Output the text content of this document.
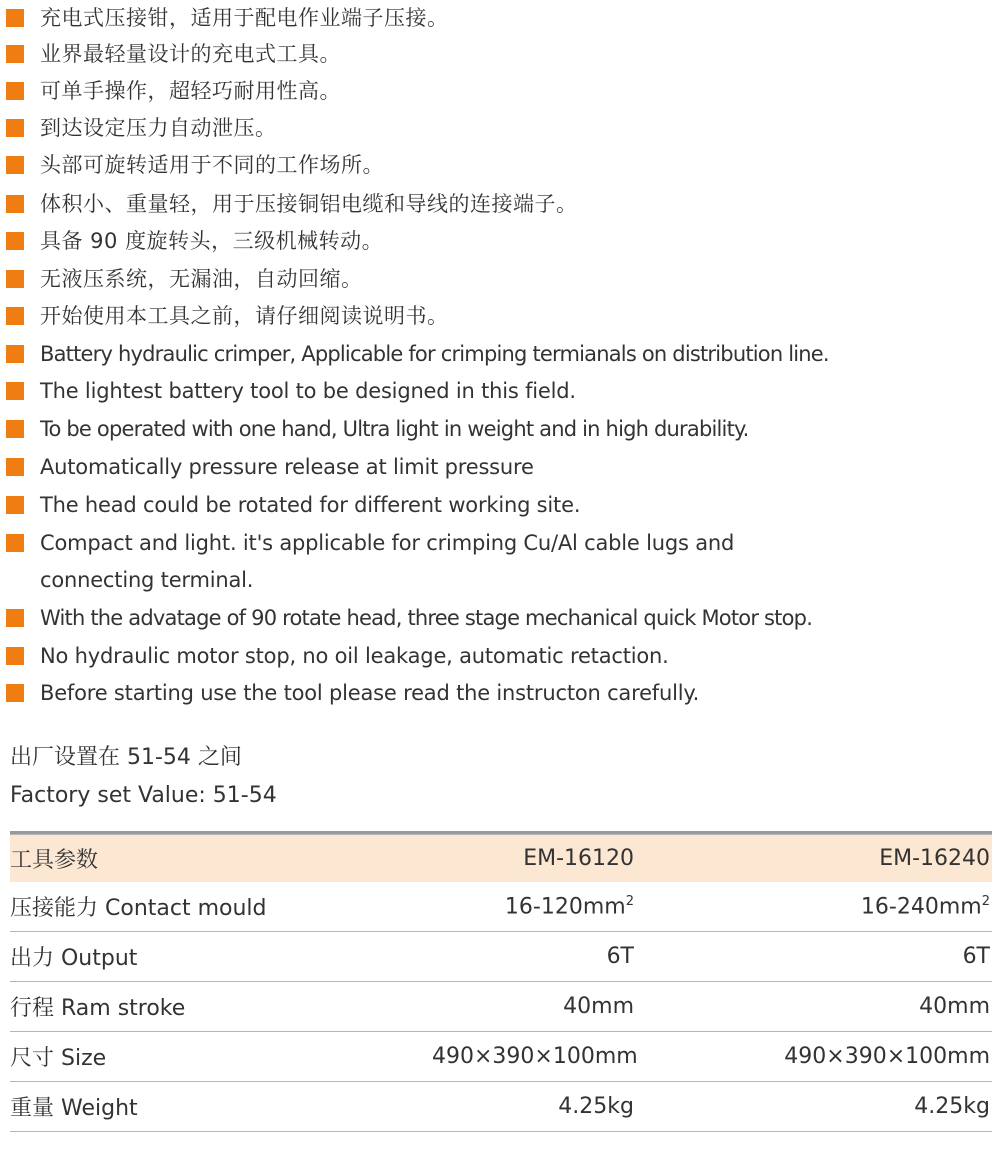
充电式压接钳，适用于配电作业端子压接。
业界最轻量设计的充电式工具。
可单手操作，超轻巧耐用性高。
到达设定压力自动泄压。
头部可旋转适用于不同的工作场所。
体积小、重量轻，用于压接铜铝电缆和导线的连接端子。
具备 90 度旋转头，三级机械转动。
无液压系统，无漏油，自动回缩。
开始使用本工具之前，请仔细阅读说明书。
Battery hydraulic crimper, Applicable for crimping termianals on distribution line.
The lightest battery tool to be designed in this field.
To be operated with one hand, Ultra light in weight and in high durability.
Automatically pressure release at limit pressure
The head could be rotated for different working site.
Compact and light. it's applicable for crimping Cu/Al cable lugs and connecting terminal.
With the advatage of 90 rotate head, three stage mechanical quick Motor stop.
No hydraulic motor stop, no oil leakage, automatic retaction.
Before starting use the tool please read the instructon carefully.
出厂设置在 51-54 之间
Factory set Value: 51-54

工具参数	EM-16120	EM-16240
压接能力 Contact mould	$16-120mm^2$	$16-240mm^2$
出力 Output	6T	6T
行程 Ram stroke	40mm	40mm
尺寸 Size	490×390×100mm	490×390×100mm
重量 Weight	4.25kg	4.25kg
